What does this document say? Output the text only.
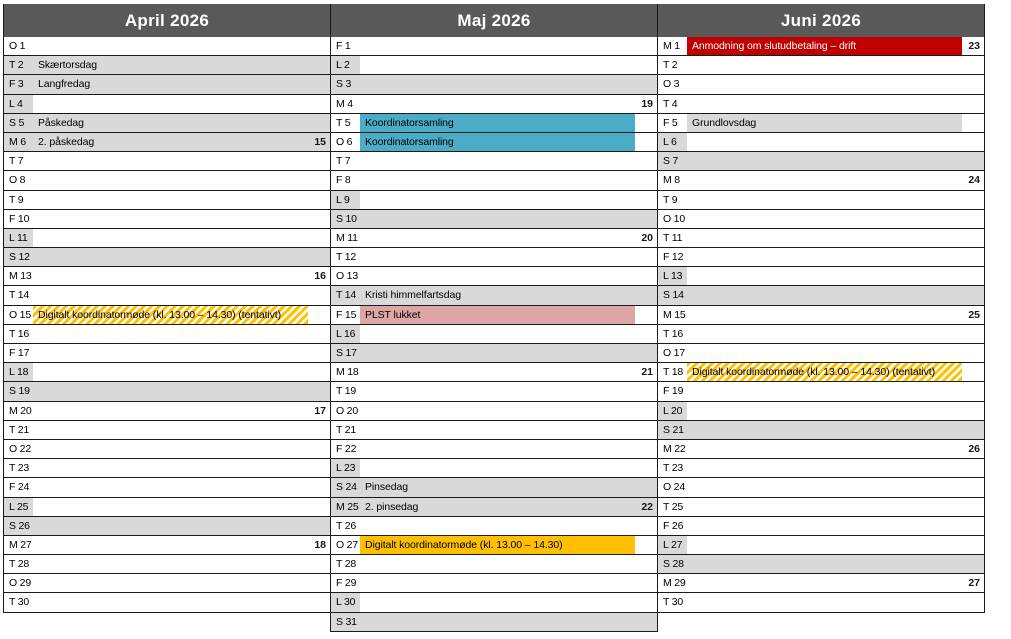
April 2026
O 1
T 2	Skærtorsdag
F 3	Langfredag
L 4
S 5	Påskedag
M 6	2. påskedag	15
T 7
O 8
T 9
F 10
L 11
S 12
M 13	16
T 14
O 15 Digitalt koordinatormøde (kl. 13.00 – 14.30) (tentativt)
T 16
F 17
L 18
S 19
M 20	17
T 21
O 22
T 23
F 24
L 25
S 26
M 27	18
T 28
O 29
T 30
Maj 2026
F 1
L 2
S 3
M 4	19
T 5	Koordinatorsamling
O 6	Koordinatorsamling
T 7
F 8
L 9
S 10
M 11	20
T 12
O 13
T 14 Kristi himmelfartsdag
F 15 PLST lukket
L 16
S 17
M 18	21
T 19
O 20
T 21
F 22
L 23
S 24 Pinsedag
M 25 2. pinsedag	22
T 26
O 27 Digitalt koordinatormøde (kl. 13.00 – 14.30)
T 28
F 29
L 30
S 31
Juni 2026
M 1	Anmodning om slutudbetaling – drift	23
T 2
O 3
T 4
F 5	Grundlovsdag
L 6
S 7
M 8	24
T 9
O 10
T 11
F 12
L 13
S 14
M 15	25
T 16
O 17
T 18 Digitalt koordinatormøde (kl. 13.00 – 14.30) (tentativt)
F 19
L 20
S 21
M 22	26
T 23
O 24
T 25
F 26
L 27
S 28
M 29	27
T 30
